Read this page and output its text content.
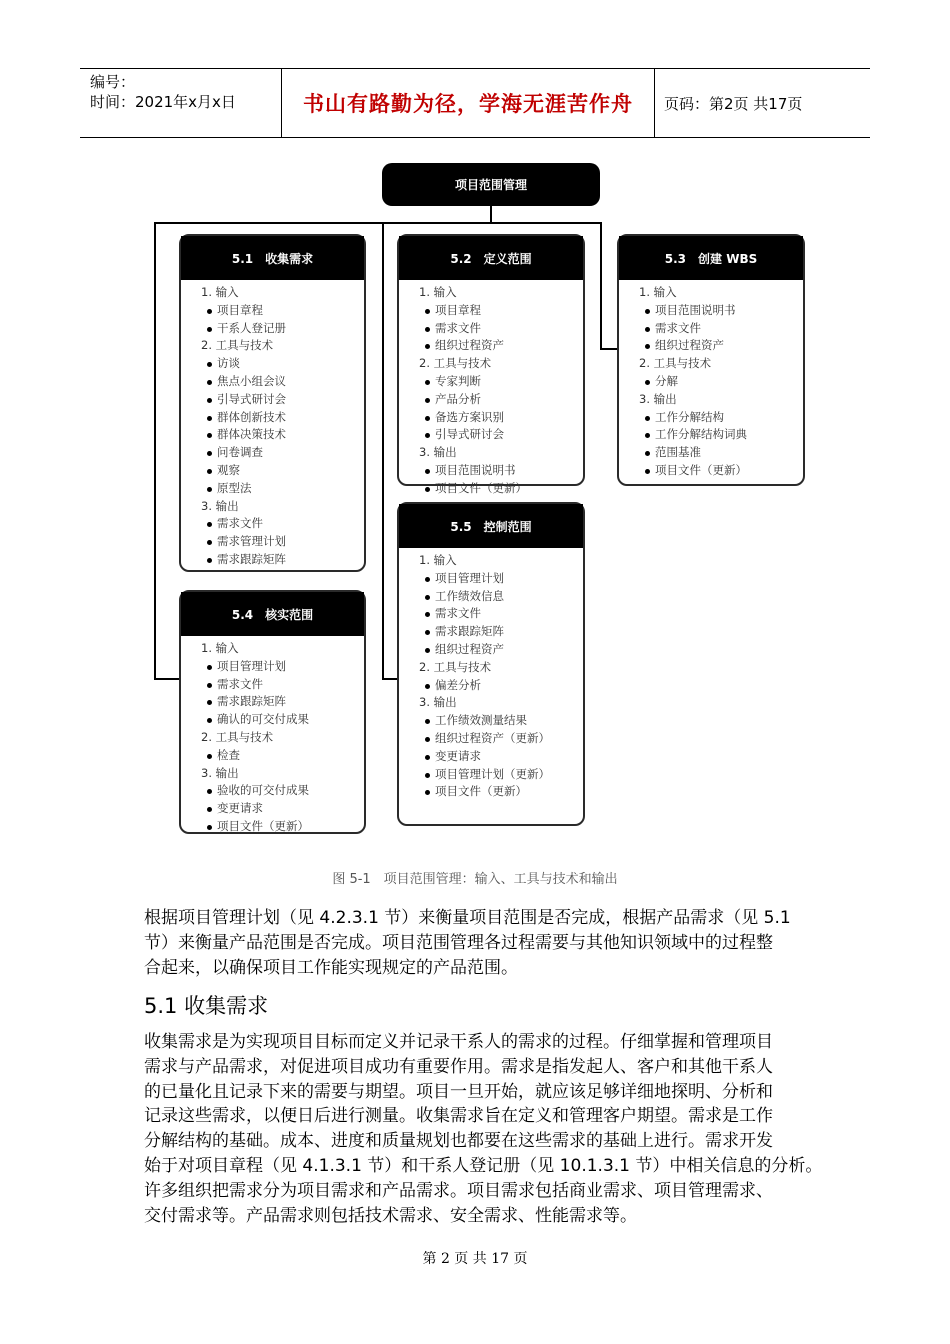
编号：
时间：2021年x月x日	书山有路勤为径，学海无涯苦作舟	页码：第2页 共17页
项目范围管理
5.1　收集需求
1. 输入
项目章程
干系人登记册
2. 工具与技术
访谈
焦点小组会议
引导式研讨会
群体创新技术
群体决策技术
问卷调查
观察
原型法
3. 输出
需求文件
需求管理计划
需求跟踪矩阵
5.2　定义范围
1. 输入
项目章程
需求文件
组织过程资产
2. 工具与技术
专家判断
产品分析
备选方案识别
引导式研讨会
3. 输出
项目范围说明书
项目文件（更新）
5.3　创建 WBS
1. 输入
项目范围说明书
需求文件
组织过程资产
2. 工具与技术
分解
3. 输出
工作分解结构
工作分解结构词典
范围基准
项目文件（更新）
5.4　核实范围
1. 输入
项目管理计划
需求文件
需求跟踪矩阵
确认的可交付成果
2. 工具与技术
检查
3. 输出
验收的可交付成果
变更请求
项目文件（更新）
5.5　控制范围
1. 输入
项目管理计划
工作绩效信息
需求文件
需求跟踪矩阵
组织过程资产
2. 工具与技术
偏差分析
3. 输出
工作绩效测量结果
组织过程资产（更新）
变更请求
项目管理计划（更新）
项目文件（更新）
图 5-1　项目范围管理：输入、工具与技术和输出
根据项目管理计划（见 4.2.3.1 节）来衡量项目范围是否完成，根据产品需求（见 5.1
节）来衡量产品范围是否完成。项目范围管理各过程需要与其他知识领域中的过程整
合起来，以确保项目工作能实现规定的产品范围。
5.1 收集需求
收集需求是为实现项目目标而定义并记录干系人的需求的过程。仔细掌握和管理项目
需求与产品需求，对促进项目成功有重要作用。需求是指发起人、客户和其他干系人
的已量化且记录下来的需要与期望。项目一旦开始，就应该足够详细地探明、分析和
记录这些需求，以便日后进行测量。收集需求旨在定义和管理客户期望。需求是工作
分解结构的基础。成本、进度和质量规划也都要在这些需求的基础上进行。需求开发
始于对项目章程（见 4.1.3.1 节）和干系人登记册（见 10.1.3.1 节）中相关信息的分析。
许多组织把需求分为项目需求和产品需求。项目需求包括商业需求、项目管理需求、
交付需求等。产品需求则包括技术需求、安全需求、性能需求等。
第 2 页 共 17 页
